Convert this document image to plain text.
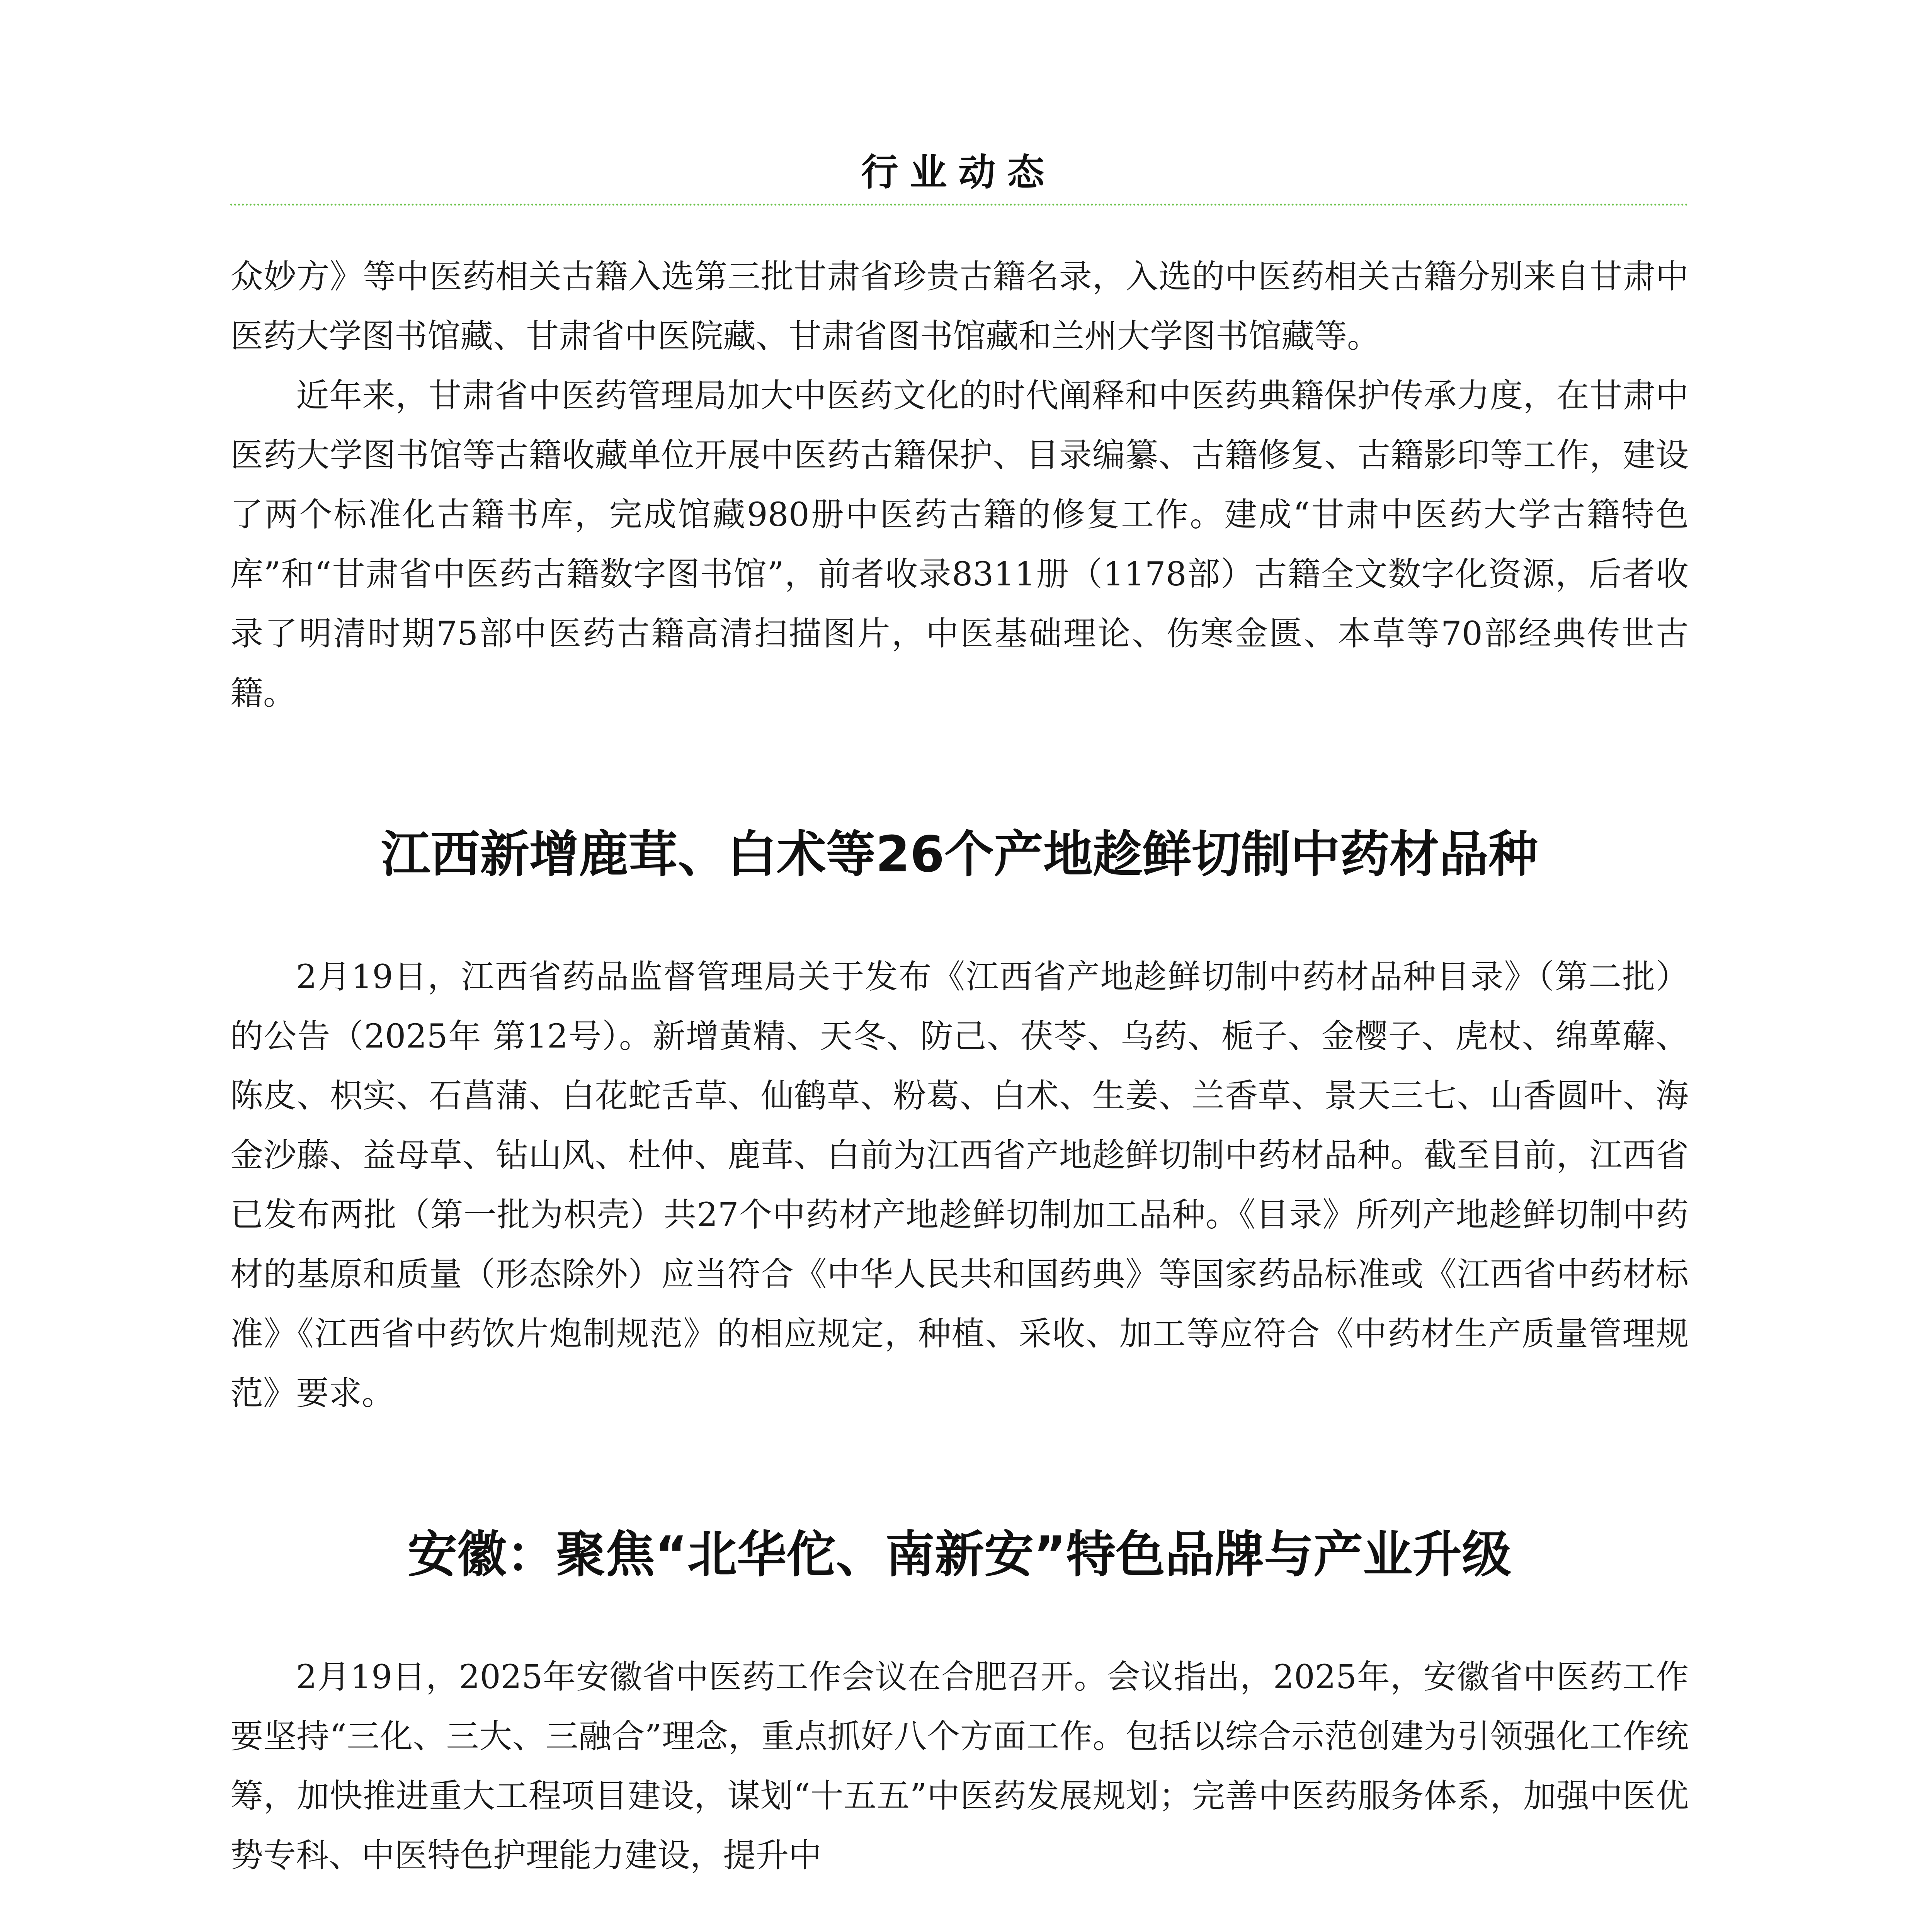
行业动态

众妙方》等中医药相关古籍入选第三批甘肃省珍贵古籍名录，入选的中医药相关古籍分别来自甘肃中医药大学图书馆藏、甘肃省中医院藏、甘肃省图书馆藏和兰州大学图书馆藏等。

近年来，甘肃省中医药管理局加大中医药文化的时代阐释和中医药典籍保护传承力度，在甘肃中医药大学图书馆等古籍收藏单位开展中医药古籍保护、目录编纂、古籍修复、古籍影印等工作，建设了两个标准化古籍书库，完成馆藏980册中医药古籍的修复工作。建成“甘肃中医药大学古籍特色库”和“甘肃省中医药古籍数字图书馆”，前者收录8311册（1178部）古籍全文数字化资源，后者收录了明清时期75部中医药古籍高清扫描图片，中医基础理论、伤寒金匮、本草等70部经典传世古籍。

江西新增鹿茸、白术等26个产地趁鲜切制中药材品种

2月19日，江西省药品监督管理局关于发布《江西省产地趁鲜切制中药材品种目录》（第二批）的公告（2025年 第12号）。新增黄精、天冬、防己、茯苓、乌药、栀子、金樱子、虎杖、绵萆薢、陈皮、枳实、石菖蒲、白花蛇舌草、仙鹤草、粉葛、白术、生姜、兰香草、景天三七、山香圆叶、海金沙藤、益母草、钻山风、杜仲、鹿茸、白前为江西省产地趁鲜切制中药材品种。截至目前，江西省已发布两批（第一批为枳壳）共27个中药材产地趁鲜切制加工品种。《目录》所列产地趁鲜切制中药材的基原和质量（形态除外）应当符合《中华人民共和国药典》等国家药品标准或《江西省中药材标准》《江西省中药饮片炮制规范》的相应规定，种植、采收、加工等应符合《中药材生产质量管理规范》要求。

安徽：聚焦“北华佗、南新安”特色品牌与产业升级

2月19日，2025年安徽省中医药工作会议在合肥召开。会议指出，2025年，安徽省中医药工作要坚持“三化、三大、三融合”理念，重点抓好八个方面工作。包括以综合示范创建为引领强化工作统筹，加快推进重大工程项目建设，谋划“十五五”中医药发展规划；完善中医药服务体系，加强中医优势专科、中医特色护理能力建设，提升中
